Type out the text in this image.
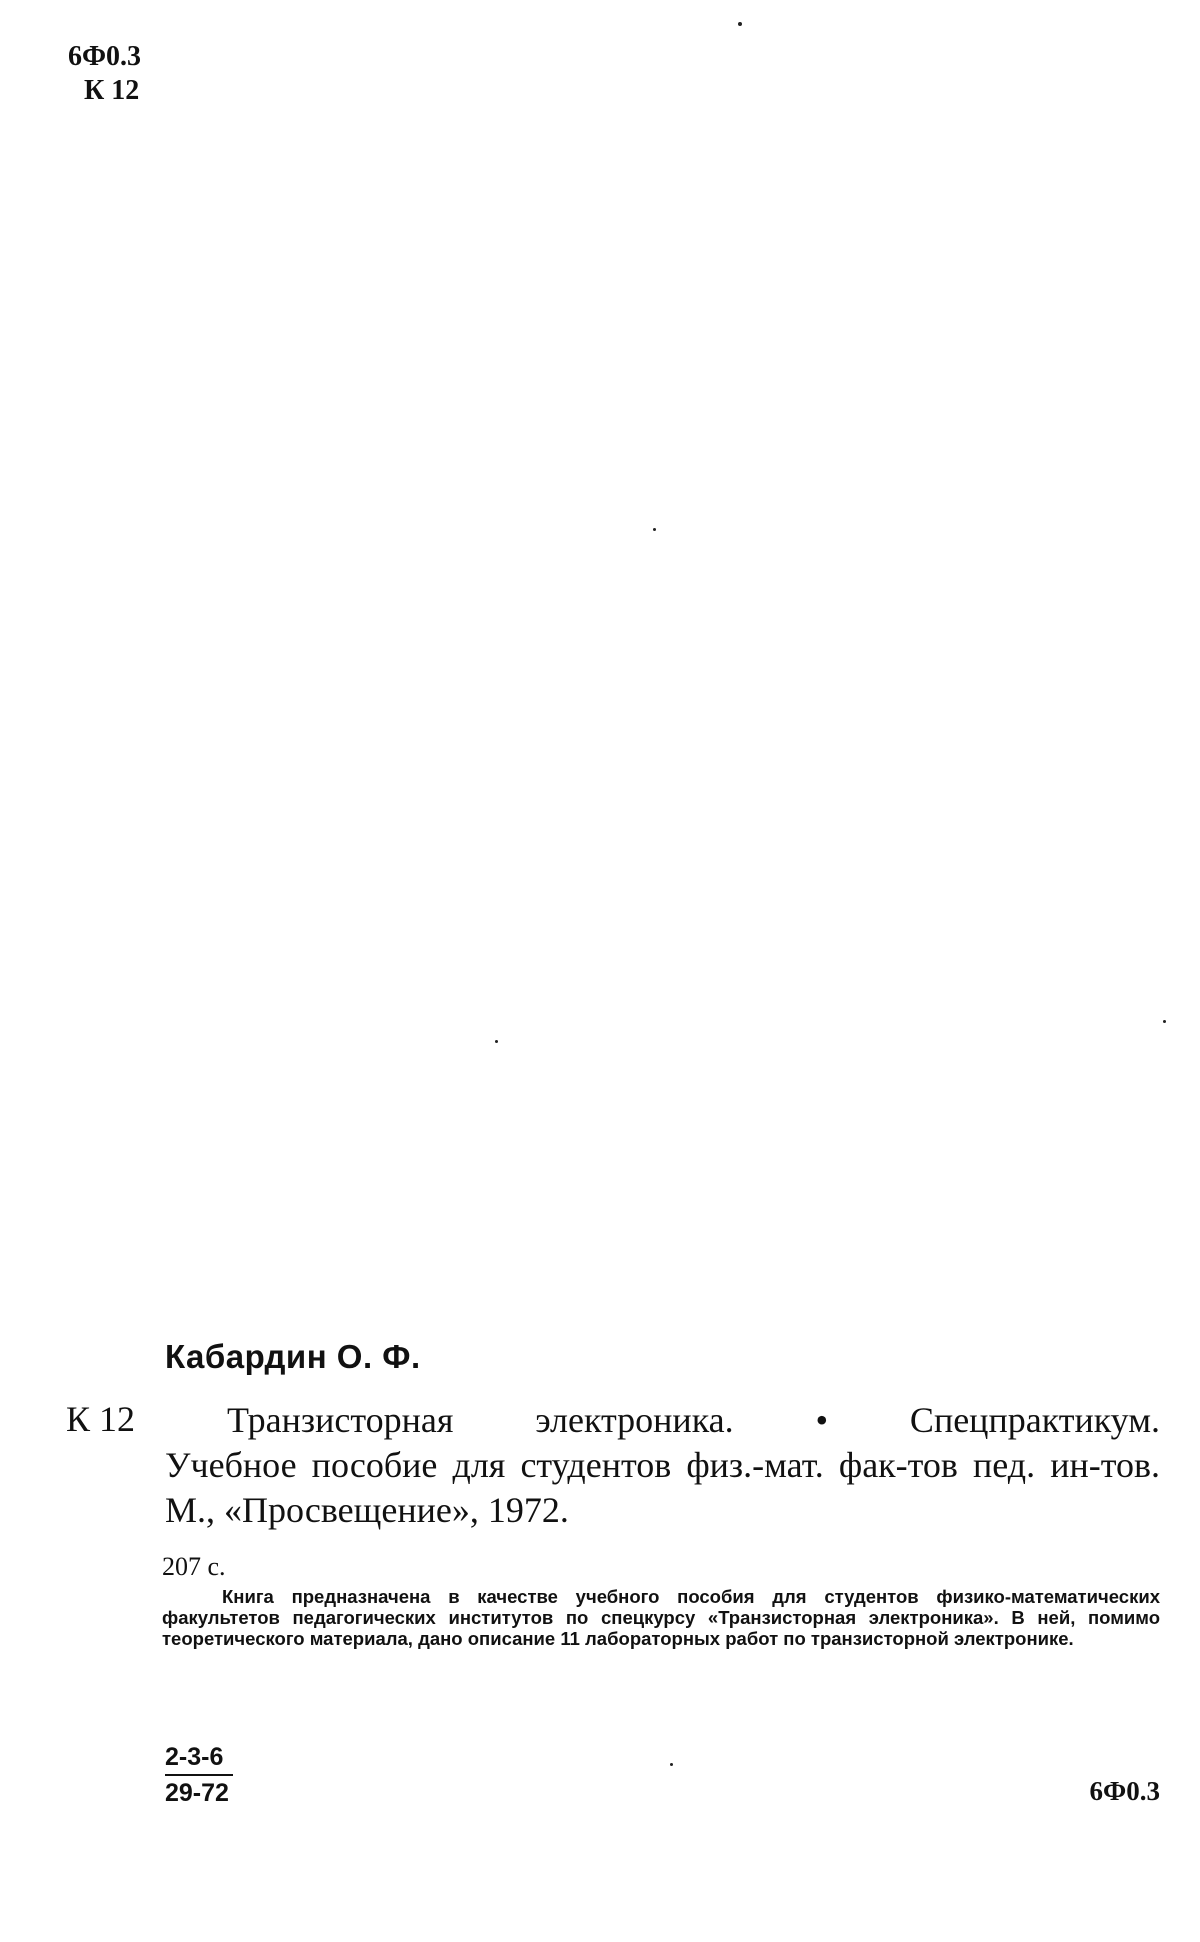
6Ф0.3
К 12
Кабардин О. Ф.
К 12	Транзисторная электроника. • Спецпрактикум.
Учебное пособие для студентов физ.-мат. фак-тов пед. ин-тов. М., «Просвещение», 1972.
207 с.
Книга предназначена в качестве учебного пособия для студентов физико-математических факультетов педагогических институтов по спецкурсу «Транзисторная электроника». В ней, помимо теоретического материала, дано описание 11 лабораторных работ по транзисторной электронике.
$\frac{2-3-6}{29-72}$	6Ф0.3
